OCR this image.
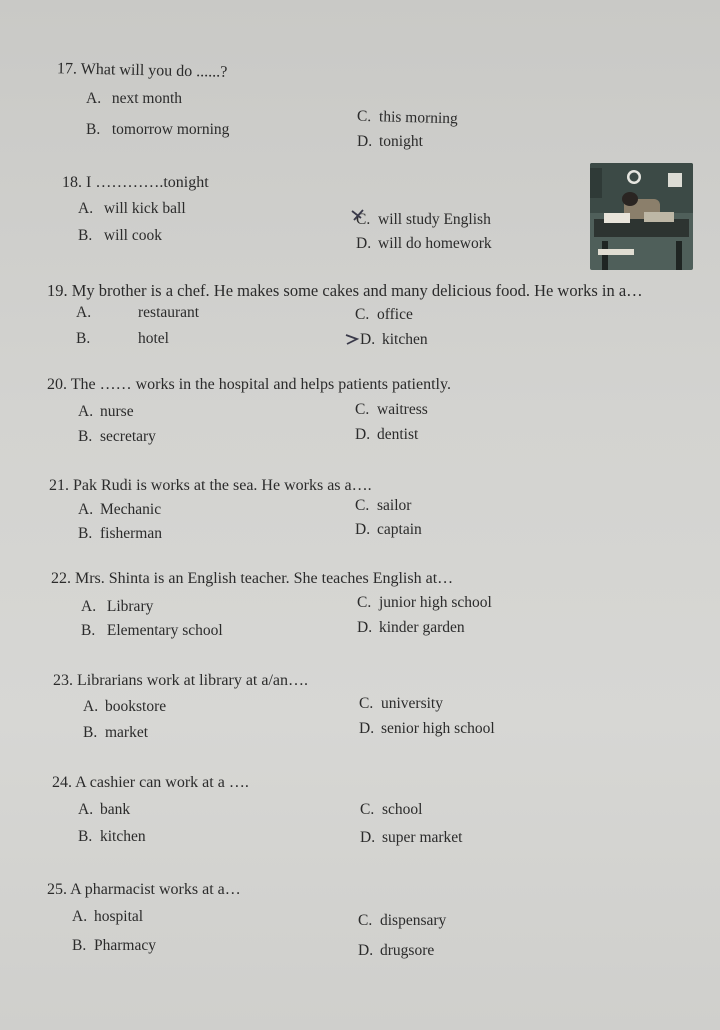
17. What will you do ......?
A. next month
B. tomorrow morning
C. this morning
D. tonight
18. I ………….tonight
A. will kick ball
B. will cook
C. will study English
D. will do homework
19. My brother is a chef. He makes some cakes and many delicious food. He works in a…
A.	restaurant
B.	hotel
C. office
D. kitchen
20. The …… works in the hospital and helps patients patiently.
A. nurse
B. secretary
C. waitress
D. dentist
21. Pak Rudi is works at the sea. He works as a….
A. Mechanic
B. fisherman
C. sailor
D. captain
22. Mrs. Shinta is an English teacher. She teaches English at…
A. Library
B. Elementary school
C. junior high school
D. kinder garden
23. Librarians work at library at a/an….
A. bookstore
B. market
C. university
D. senior high school
24. A cashier can work at a ….
A. bank
B. kitchen
C. school
D. super market
25. A pharmacist works at a…
A. hospital
B. Pharmacy
C. dispensary
D. drugsore
